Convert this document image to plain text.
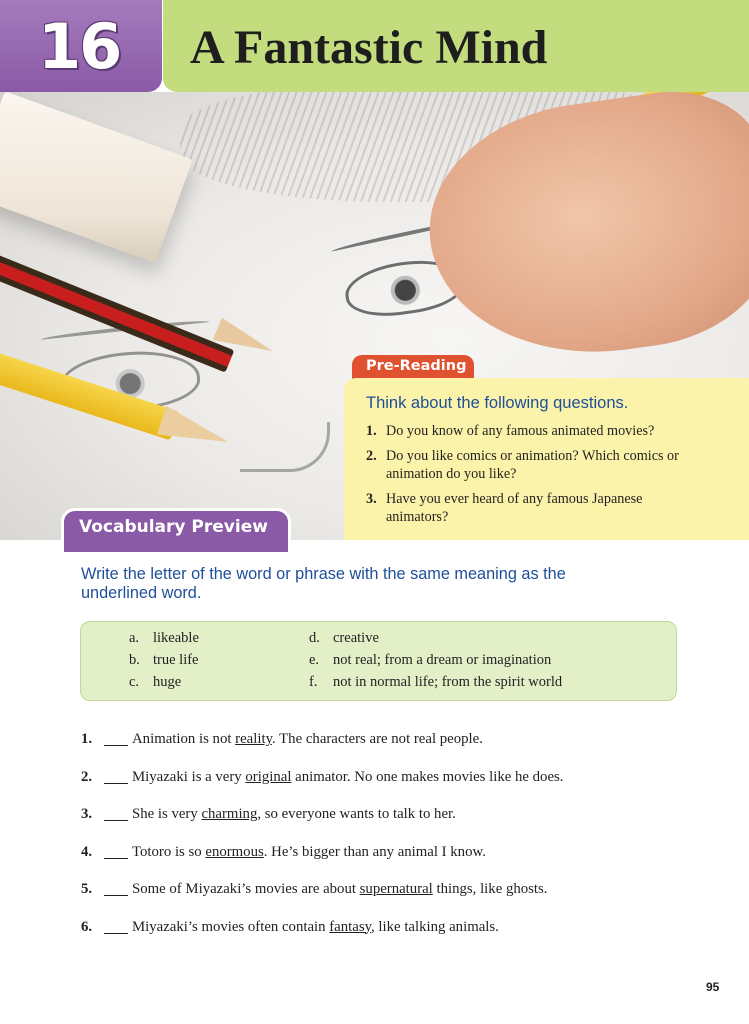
16 A Fantastic Mind
Pre-Reading
Think about the following questions.
1. Do you know of any famous animated movies?
2. Do you like comics or animation? Which comics or
animation do you like?
3. Have you ever heard of any famous Japanese
animators?
Vocabulary Preview
Write the letter of the word or phrase with the same meaning as the
underlined word.
a. likeable
b. true life
c. huge
d. creative
e. not real; from a dream or imagination
f. not in normal life; from the spirit world
1.	Animation is not reality. The characters are not real people.
2.	Miyazaki is a very original animator. No one makes movies like he does.
3.	She is very charming, so everyone wants to talk to her.
4.	Totoro is so enormous. He’s bigger than any animal I know.
5.	Some of Miyazaki’s movies are about supernatural things, like ghosts.
6.	Miyazaki’s movies often contain fantasy, like talking animals.
95
